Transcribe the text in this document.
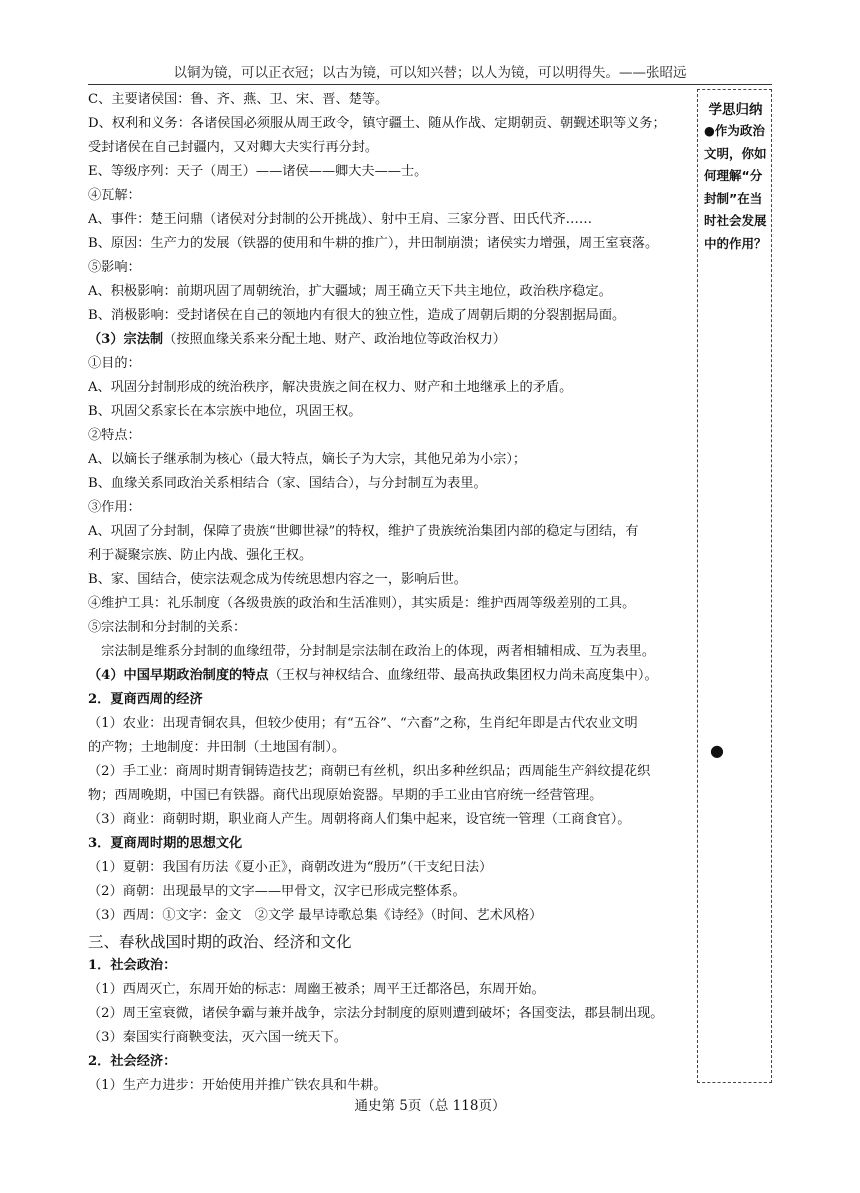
以铜为镜，可以正衣冠；以古为镜，可以知兴替；以人为镜，可以明得失。——张昭远
C、主要诸侯国：鲁、齐、燕、卫、宋、晋、楚等。
D、权利和义务：各诸侯国必须服从周王政令，镇守疆土、随从作战、定期朝贡、朝觐述职等义务；
受封诸侯在自己封疆内，又对卿大夫实行再分封。
E、等级序列：天子（周王）——诸侯——卿大夫——士。
④瓦解：
A、事件：楚王问鼎（诸侯对分封制的公开挑战）、射中王肩、三家分晋、田氏代齐……
B、原因：生产力的发展（铁器的使用和牛耕的推广），井田制崩溃；诸侯实力增强，周王室衰落。
⑤影响：
A、积极影响：前期巩固了周朝统治，扩大疆域；周王确立天下共主地位，政治秩序稳定。
B、消极影响：受封诸侯在自己的领地内有很大的独立性，造成了周朝后期的分裂割据局面。
（3）宗法制（按照血缘关系来分配土地、财产、政治地位等政治权力）
①目的：
A、巩固分封制形成的统治秩序，解决贵族之间在权力、财产和土地继承上的矛盾。
B、巩固父系家长在本宗族中地位，巩固王权。
②特点：
A、以嫡长子继承制为核心（最大特点，嫡长子为大宗，其他兄弟为小宗）；
B、血缘关系同政治关系相结合（家、国结合），与分封制互为表里。
③作用：
A、巩固了分封制，保障了贵族“世卿世禄”的特权，维护了贵族统治集团内部的稳定与团结，有
利于凝聚宗族、防止内战、强化王权。
B、家、国结合，使宗法观念成为传统思想内容之一，影响后世。
④维护工具：礼乐制度（各级贵族的政治和生活准则），其实质是：维护西周等级差别的工具。
⑤宗法制和分封制的关系：
　宗法制是维系分封制的血缘纽带，分封制是宗法制在政治上的体现，两者相辅相成、互为表里。
（4）中国早期政治制度的特点（王权与神权结合、血缘纽带、最高执政集团权力尚未高度集中）。
2．夏商西周的经济
（1）农业：出现青铜农具，但较少使用；有“五谷”、“六畜”之称，生肖纪年即是古代农业文明
的产物；土地制度：井田制（土地国有制）。
（2）手工业：商周时期青铜铸造技艺；商朝已有丝机，织出多种丝织品；西周能生产斜纹提花织
物；西周晚期，中国已有铁器。商代出现原始瓷器。早期的手工业由官府统一经营管理。
（3）商业：商朝时期，职业商人产生。周朝将商人们集中起来，设官统一管理（工商食官）。
3．夏商周时期的思想文化
（1）夏朝：我国有历法《夏小正》，商朝改进为“殷历”（干支纪日法）
（2）商朝：出现最早的文字——甲骨文，汉字已形成完整体系。
（3）西周：①文字：金文　②文学 最早诗歌总集《诗经》（时间、艺术风格）
三、春秋战国时期的政治、经济和文化
1．社会政治：
（1）西周灭亡，东周开始的标志：周幽王被杀；周平王迁都洛邑，东周开始。
（2）周王室衰微，诸侯争霸与兼并战争，宗法分封制度的原则遭到破坏；各国变法，郡县制出现。
（3）秦国实行商鞅变法，灭六国一统天下。
2．社会经济：
（1）生产力进步：开始使用并推广铁农具和牛耕。
学思归纳
●作为政治文明，你如何理解“分封制”在当时社会发展中的作用？
●
通史第 5页（总 118页）
